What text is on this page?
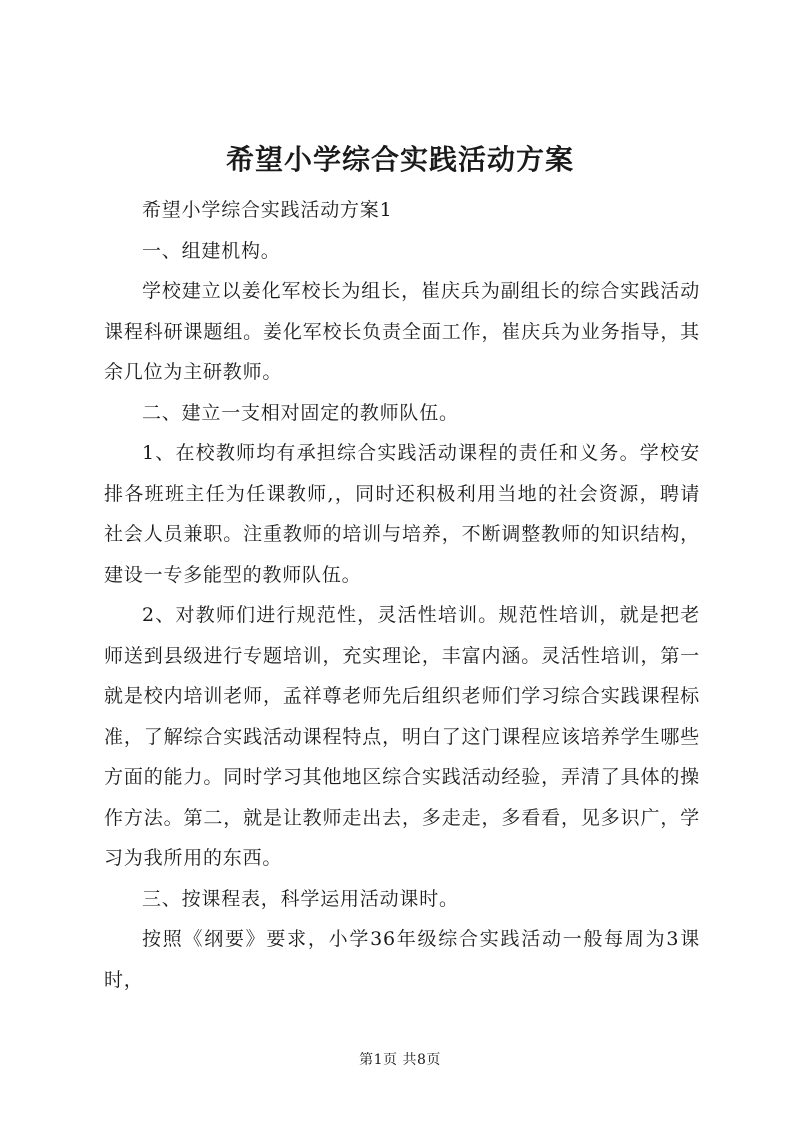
希望小学综合实践活动方案

希望小学综合实践活动方案1

一、组建机构。

学校建立以姜化军校长为组长，崔庆兵为副组长的综合实践活动课程科研课题组。姜化军校长负责全面工作，崔庆兵为业务指导，其余几位为主研教师。

二、建立一支相对固定的教师队伍。

1、在校教师均有承担综合实践活动课程的责任和义务。学校安排各班班主任为任课教师,，同时还积极利用当地的社会资源，聘请社会人员兼职。注重教师的培训与培养，不断调整教师的知识结构，建设一专多能型的教师队伍。

2、对教师们进行规范性，灵活性培训。规范性培训，就是把老师送到县级进行专题培训，充实理论，丰富内涵。灵活性培训，第一就是校内培训老师，孟祥尊老师先后组织老师们学习综合实践课程标准，了解综合实践活动课程特点，明白了这门课程应该培养学生哪些方面的能力。同时学习其他地区综合实践活动经验，弄清了具体的操作方法。第二，就是让教师走出去，多走走，多看看，见多识广，学习为我所用的东西。

三、按课程表，科学运用活动课时。

按照《纲要》要求，小学36年级综合实践活动一般每周为3课时，

第1页 共8页
